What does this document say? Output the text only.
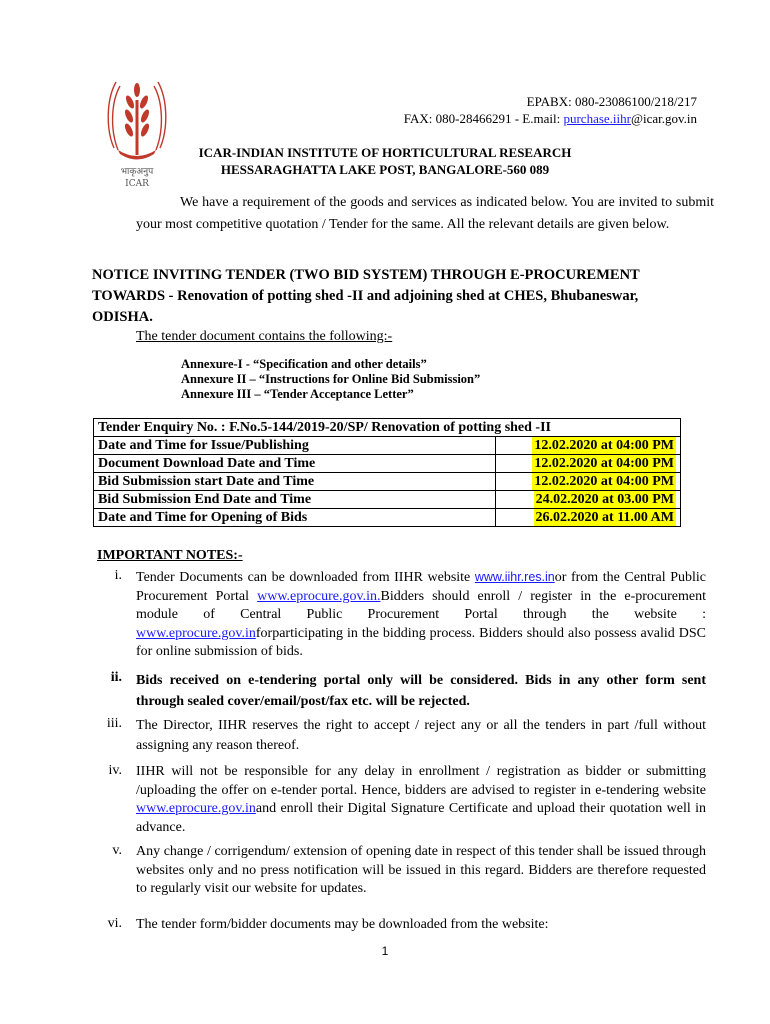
भाकृअनुप
ICAR
EPABX: 080-23086100/218/217
FAX: 080-28466291 - E.mail: purchase.iihr@icar.gov.in
ICAR-INDIAN INSTITUTE OF HORTICULTURAL RESEARCH
HESSARAGHATTA LAKE POST, BANGALORE-560 089
We have a requirement of the goods and services as indicated below. You are invited to submit your most competitive quotation / Tender for the same. All the relevant details are given below.
NOTICE INVITING TENDER (TWO BID SYSTEM) THROUGH E-PROCUREMENT
TOWARDS - Renovation of potting shed -II and adjoining shed at CHES, Bhubaneswar,
ODISHA.
The tender document contains the following:-
Annexure-I - “Specification and other details”
Annexure II – “Instructions for Online Bid Submission”
Annexure III – “Tender Acceptance Letter”
Tender Enquiry No. : F.No.5-144/2019-20/SP/ Renovation of potting shed -II	
Date and Time for Issue/Publishing	12.02.2020 at 04:00 PM
Document Download Date and Time	12.02.2020 at 04:00 PM
Bid Submission start Date and Time	12.02.2020 at 04:00 PM
Bid Submission End Date and Time	24.02.2020 at 03.00 PM
Date and Time for Opening of Bids	26.02.2020 at 11.00 AM
IMPORTANT NOTES:-
i. Tender Documents can be downloaded from IIHR website www.iihr.res.inor from the Central Public Procurement Portal www.eprocure.gov.in.Bidders should enroll / register in the e-procurement module of Central Public Procurement Portal through the website : www.eprocure.gov.inforparticipating in the bidding process. Bidders should also possess avalid DSC for online submission of bids.
ii. Bids received on e-tendering portal only will be considered. Bids in any other form sent through sealed cover/email/post/fax etc. will be rejected.
iii. The Director, IIHR reserves the right to accept / reject any or all the tenders in part /full without assigning any reason thereof.
iv. IIHR will not be responsible for any delay in enrollment / registration as bidder or submitting /uploading the offer on e-tender portal. Hence, bidders are advised to register in e-tendering website www.eprocure.gov.inand enroll their Digital Signature Certificate and upload their quotation well in advance.
v. Any change / corrigendum/ extension of opening date in respect of this tender shall be issued through websites only and no press notification will be issued in this regard. Bidders are therefore requested to regularly visit our website for updates.
vi. The tender form/bidder documents may be downloaded from the website:
1
